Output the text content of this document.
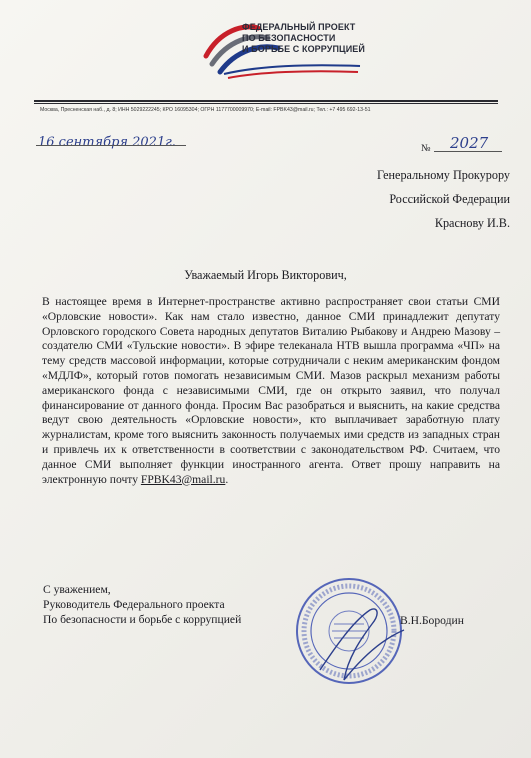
ФЕДЕРАЛЬНЫЙ ПРОЕКТ
ПО БЕЗОПАСНОСТИ
И БОРЬБЕ С КОРРУПЦИЕЙ
Москва, Пресненская наб., д. 8; ИНН 5029222245; КРО 16095304; ОГРН 1177700009970; E-mail: FPBK43@mail.ru; Тел.: +7 495 692-13-51
16 сентября 2021г.	№ 2027
Генеральному Прокурору
Российской Федерации
Краснову И.В.
Уважаемый Игорь Викторович,
В настоящее время в Интернет-пространстве активно распространяет свои статьи СМИ «Орловские новости». Как нам стало известно, данное СМИ принадлежит депутату Орловского городского Совета народных депутатов Виталию Рыбакову и Андрею Мазову – создателю СМИ «Тульские новости». В эфире телеканала НТВ вышла программа «ЧП» на тему средств массовой информации, которые сотрудничали с неким американским фондом «МДЛФ», который готов помогать независимым СМИ. Мазов раскрыл механизм работы американского фонда с независимыми СМИ, где он открыто заявил, что получал финансирование от данного фонда. Просим Вас разобраться и выяснить, на какие средства ведут свою деятельность «Орловские новости», кто выплачивает заработную плату журналистам, кроме того выяснить законность получаемых ими средств из западных стран и привлечь их к ответственности в соответствии с законодательством РФ. Считаем, что данное СМИ выполняет функции иностранного агента. Ответ прошу направить на электронную почту FPBK43@mail.ru.
С уважением,
Руководитель Федерального проекта
По безопасности и борьбе с коррупцией	В.Н.Бородин
